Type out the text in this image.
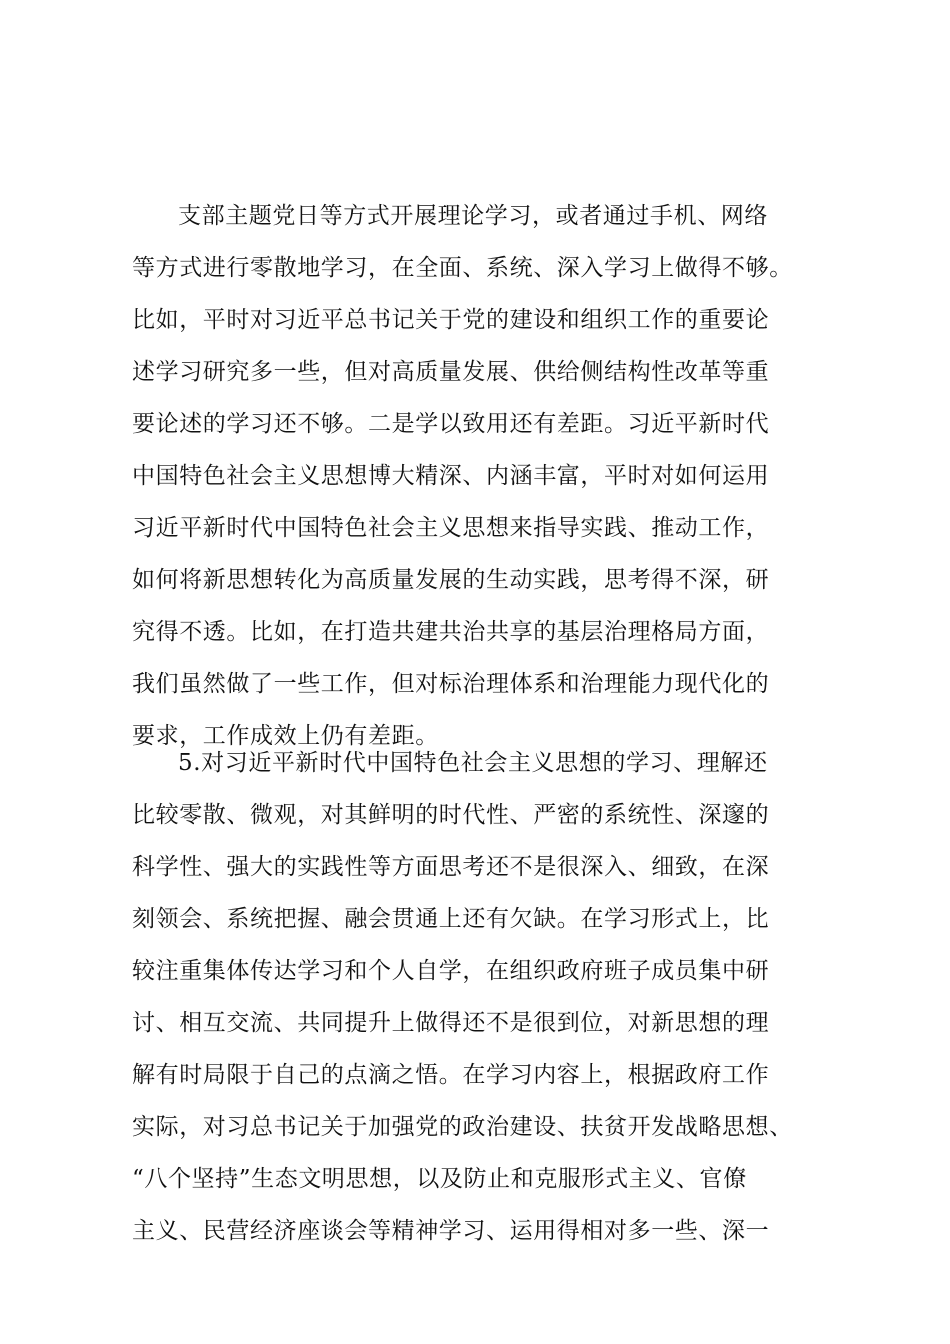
支部主题党日等方式开展理论学习，或者通过手机、网络
等方式进行零散地学习，在全面、系统、深入学习上做得不够。
比如，平时对习近平总书记关于党的建设和组织工作的重要论
述学习研究多一些，但对高质量发展、供给侧结构性改革等重
要论述的学习还不够。二是学以致用还有差距。习近平新时代
中国特色社会主义思想博大精深、内涵丰富，平时对如何运用
习近平新时代中国特色社会主义思想来指导实践、推动工作，
如何将新思想转化为高质量发展的生动实践，思考得不深，研
究得不透。比如，在打造共建共治共享的基层治理格局方面，
我们虽然做了一些工作，但对标治理体系和治理能力现代化的
要求，工作成效上仍有差距。
5.对习近平新时代中国特色社会主义思想的学习、理解还
比较零散、微观，对其鲜明的时代性、严密的系统性、深邃的
科学性、强大的实践性等方面思考还不是很深入、细致，在深
刻领会、系统把握、融会贯通上还有欠缺。在学习形式上，比
较注重集体传达学习和个人自学，在组织政府班子成员集中研
讨、相互交流、共同提升上做得还不是很到位，对新思想的理
解有时局限于自己的点滴之悟。在学习内容上，根据政府工作
实际，对习总书记关于加强党的政治建设、扶贫开发战略思想、
“八个坚持”生态文明思想，以及防止和克服形式主义、官僚
主义、民营经济座谈会等精神学习、运用得相对多一些、深一
